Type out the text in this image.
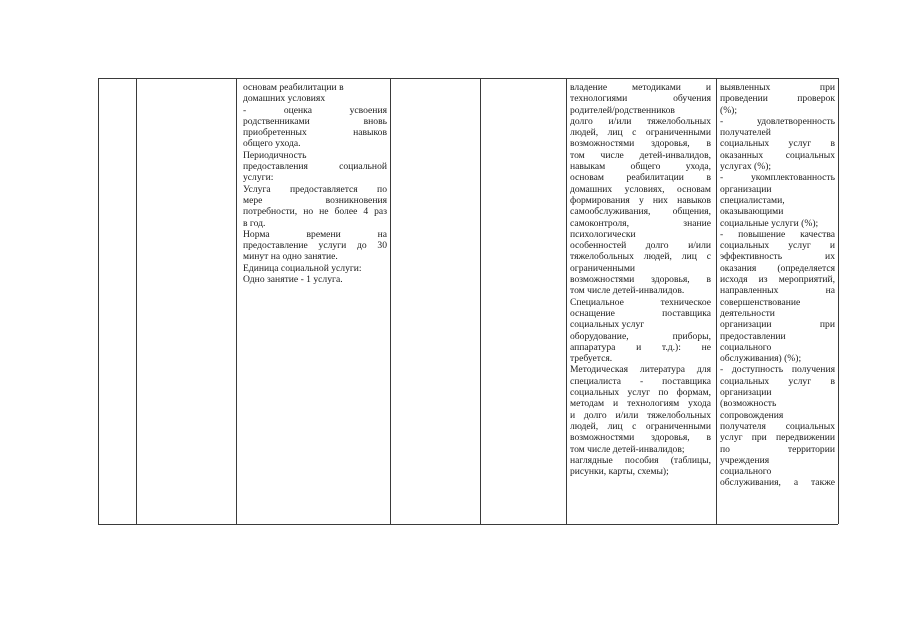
основам реабилитации в

домашних условиях

- оценка усвоения

родственниками вновь

приобретенных навыков

общего ухода.

Периодичность

предоставления социальной

услуги:

Услуга предоставляется по

мере возникновения

потребности, но не более 4 раз

в год.

Норма времени на

предоставление услуги до 30

минут на одно занятие.

Единица социальной услуги:

Одно занятие - 1 услуга.

владение методиками и

технологиями обучения

родителей/родственников

долго и/или тяжелобольных

людей, лиц с ограниченными

возможностями здоровья, в

том числе детей-инвалидов,

навыкам общего ухода,

основам реабилитации в

домашних условиях, основам

формирования у них навыков

самообслуживания, общения,

самоконтроля, знание

психологически

особенностей долго и/или

тяжелобольных людей, лиц с

ограниченными

возможностями здоровья, в

том числе детей-инвалидов.

Специальное техническое

оснащение поставщика

социальных услуг

оборудование, приборы,

аппаратура и т.д.): не

требуется.

Методическая литература для

специалиста - поставщика

социальных услуг по формам,

методам и технологиям ухода

и долго и/или тяжелобольных

людей, лиц с ограниченными

возможностями здоровья, в

том числе детей-инвалидов;

наглядные пособия (таблицы,

рисунки, карты, схемы);

выявленных при

проведении проверок

(%);

- удовлетворенность

получателей

социальных услуг в

оказанных социальных

услугах (%);

- укомплектованность

организации

специалистами,

оказывающими

социальные услуги (%);

- повышение качества

социальных услуг и

эффективность их

оказания (определяется

исходя из мероприятий,

направленных на

совершенствование

деятельности

организации при

предоставлении

социального

обслуживания) (%);

- доступность получения

социальных услуг в

организации

(возможность

сопровождения

получателя социальных

услуг при передвижении

по территории

учреждения

социального

обслуживания, а также
